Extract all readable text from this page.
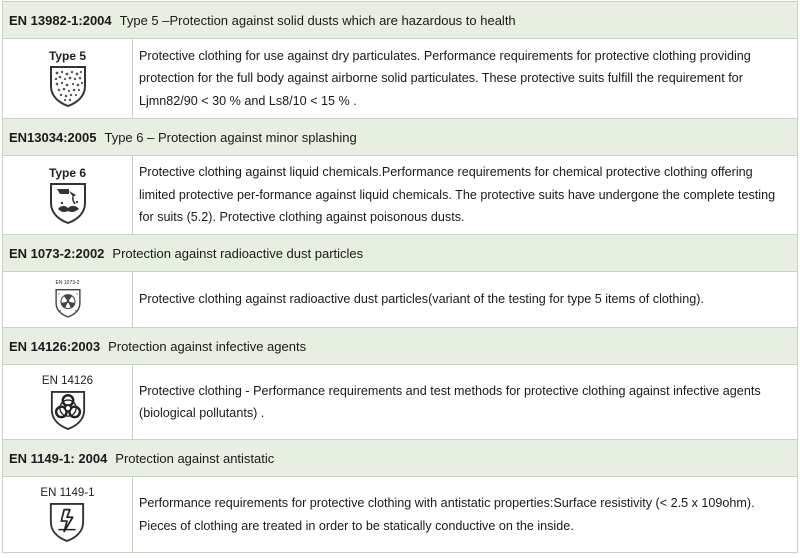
EN 13982-1:2004 Type 5 –Protection against solid dusts which are hazardous to health
Type 5	Protective clothing for use against dry particulates. Performance requirements for protective clothing providing protection for the full body against airborne solid particulates. These protective suits fulfill the requirement for Ljmn82/90 < 30 % and Ls8/10 < 15 % .
EN13034:2005 Type 6 – Protection against minor splashing
Type 6	Protective clothing against liquid chemicals.Performance requirements for chemical protective clothing offering limited protective per-formance against liquid chemicals. The protective suits have undergone the complete testing for suits (5.2). Protective clothing against poisonous dusts.
EN 1073-2:2002 Protection against radioactive dust particles
EN 1073-2
Protective clothing against radioactive dust particles(variant of the testing for type 5 items of clothing).
EN 14126:2003 Protection against infective agents
EN 14126
Protective clothing - Performance requirements and test methods for protective clothing against infective agents (biological pollutants) .
EN 1149-1: 2004 Protection against antistatic
EN 1149-1
Performance requirements for protective clothing with antistatic properties:Surface resistivity (< 2.5 x 109ohm). Pieces of clothing are treated in order to be statically conductive on the inside.
